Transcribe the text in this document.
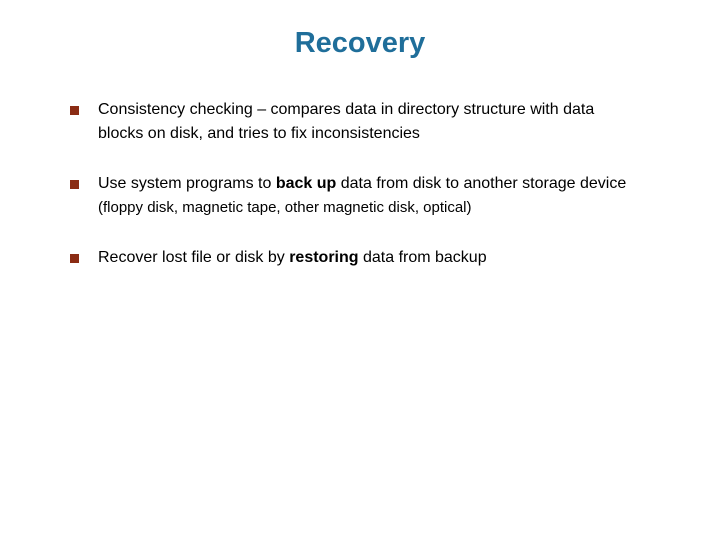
Recovery
Consistency checking – compares data in directory structure with data
blocks on disk, and tries to fix inconsistencies
Use system programs to back up data from disk to another storage device
(floppy disk, magnetic tape, other magnetic disk, optical)
Recover lost file or disk by restoring data from backup
